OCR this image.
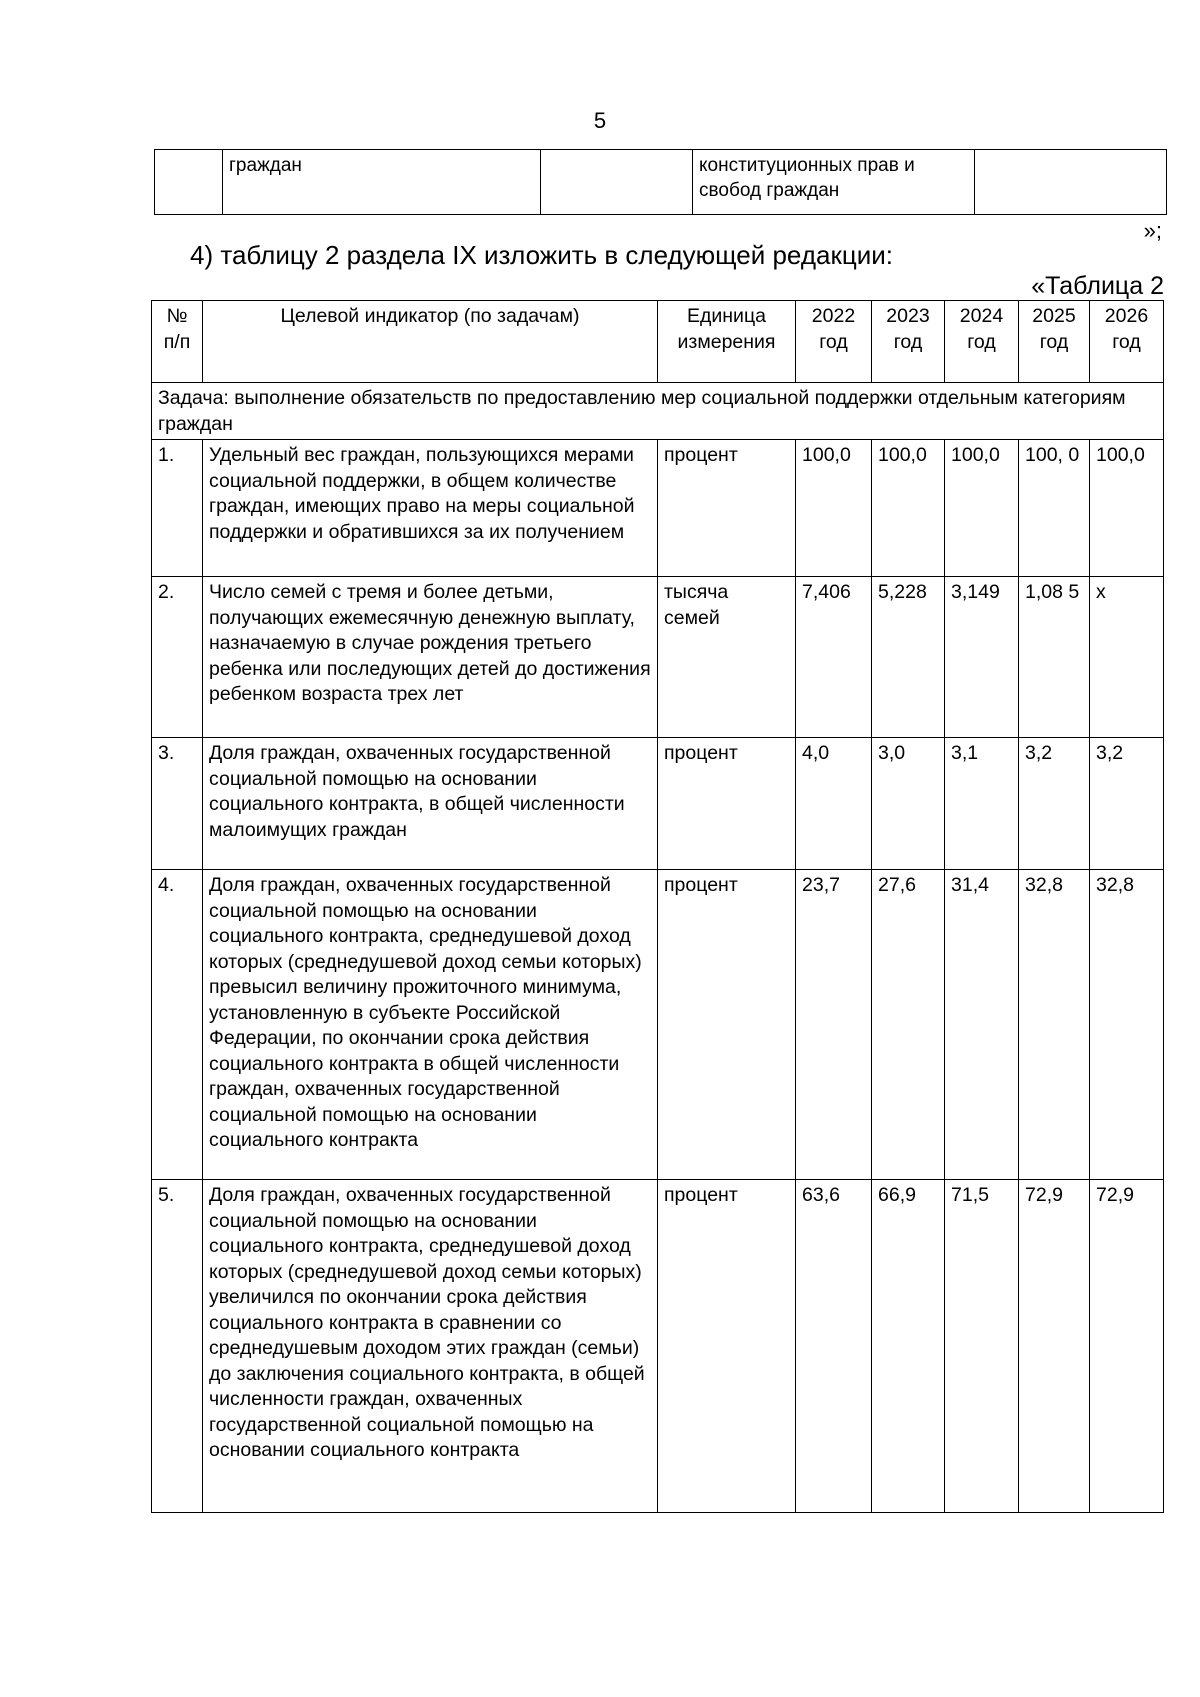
5
	граждан		конституционных прав и свобод граждан	
»;
4) таблицу 2 раздела IX изложить в следующей редакции:
«Таблица 2
№ п/п	Целевой индикатор (по задачам)	Единица измерения	2022 год	2023 год	2024 год	2025 год	2026 год
Задача: выполнение обязательств по предоставлению мер социальной поддержки отдельным категориям граждан							
1.	Удельный вес граждан, пользующихся мерами социальной поддержки, в общем количестве граждан, имеющих право на меры социальной поддержки и обратившихся за их получением	процент	100,0	100,0	100,0	100, 0	100,0
2.	Число семей с тремя и более детьми, получающих ежемесячную денежную выплату, назначаемую в случае рождения третьего ребенка или последующих детей до достижения ребенком возраста трех лет	тысяча семей	7,406	5,228	3,149	1,08 5	х
3.	Доля граждан, охваченных государственной социальной помощью на основании социального контракта, в общей численности малоимущих граждан	процент	4,0	3,0	3,1	3,2	3,2
4.	Доля граждан, охваченных государственной социальной помощью на основании социального контракта, среднедушевой доход которых (среднедушевой доход семьи которых) превысил величину прожиточного минимума, установленную в субъекте Российской Федерации, по окончании срока действия социального контракта в общей численности граждан, охваченных государственной социальной помощью на основании социального контракта	процент	23,7	27,6	31,4	32,8	32,8
5.	Доля граждан, охваченных государственной социальной помощью на основании социального контракта, среднедушевой доход которых (среднедушевой доход семьи которых) увеличился по окончании срока действия социального контракта в сравнении со среднедушевым доходом этих граждан (семьи) до заключения социального контракта, в общей численности граждан, охваченных государственной социальной помощью на основании социального контракта	процент	63,6	66,9	71,5	72,9	72,9
